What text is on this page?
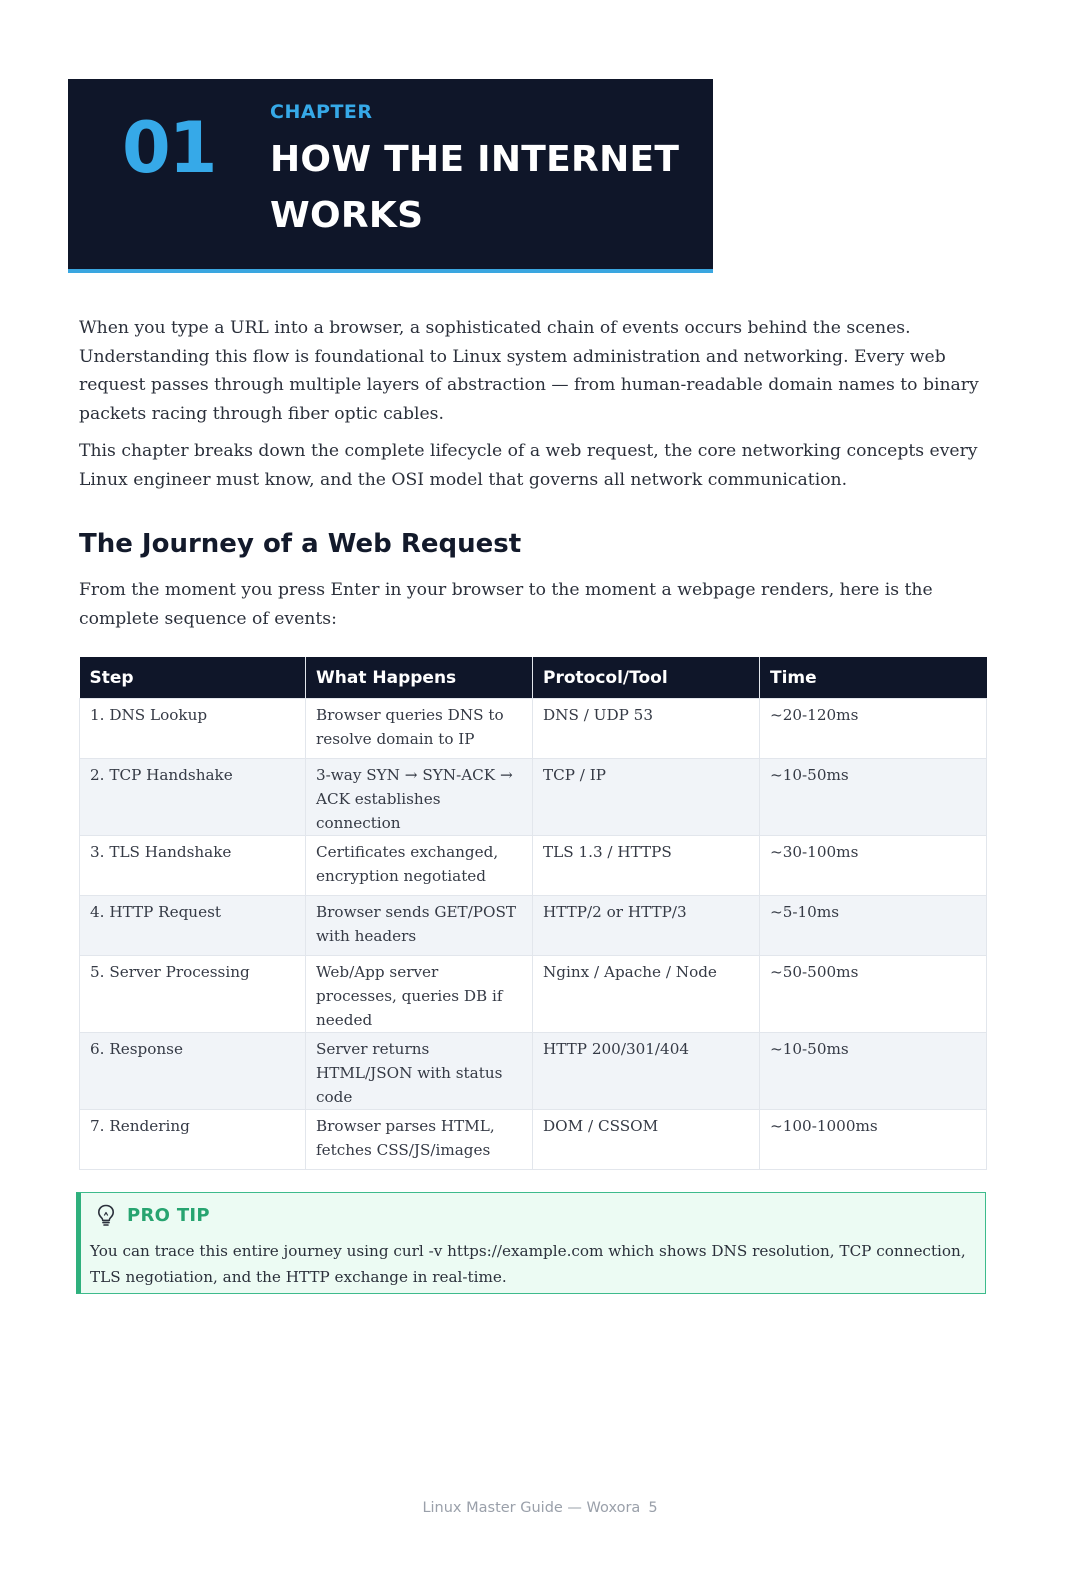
01	CHAPTER
HOW THE INTERNET WORKS

When you type a URL into a browser, a sophisticated chain of events occurs behind the scenes. Understanding this flow is foundational to Linux system administration and networking. Every web request passes through multiple layers of abstraction — from human-readable domain names to binary packets racing through fiber optic cables.

This chapter breaks down the complete lifecycle of a web request, the core networking concepts every Linux engineer must know, and the OSI model that governs all network communication.

The Journey of a Web Request

From the moment you press Enter in your browser to the moment a webpage renders, here is the complete sequence of events:

Step	What Happens	Protocol/Tool	Time
1. DNS Lookup	Browser queries DNS to resolve domain to IP	DNS / UDP 53	~20-120ms
2. TCP Handshake	3-way SYN → SYN-ACK → ACK establishes connection	TCP / IP	~10-50ms
3. TLS Handshake	Certificates exchanged, encryption negotiated	TLS 1.3 / HTTPS	~30-100ms
4. HTTP Request	Browser sends GET/POST with headers	HTTP/2 or HTTP/3	~5-10ms
5. Server Processing	Web/App server processes, queries DB if needed	Nginx / Apache / Node	~50-500ms
6. Response	Server returns HTML/JSON with status code	HTTP 200/301/404	~10-50ms
7. Rendering	Browser parses HTML, fetches CSS/JS/images	DOM / CSSOM	~100-1000ms
PRO TIP
You can trace this entire journey using curl -v https://example.com which shows DNS resolution, TCP connection, TLS negotiation, and the HTTP exchange in real-time.
Linux Master Guide — Woxora 5
